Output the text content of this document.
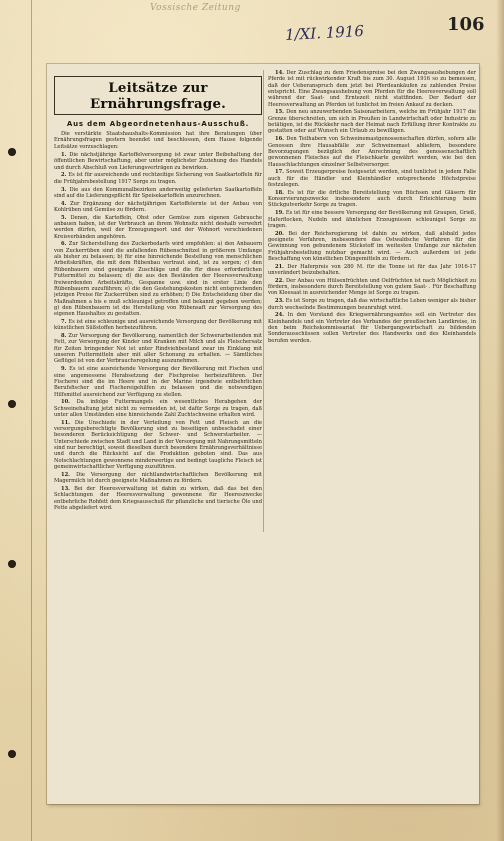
Vossische Zeitung
1/XI. 1916	106
Leitsätze zur Ernährungsfrage.
Aus dem Abgeordnetenhaus-Ausschuß.

Die verstärkte Staatshaushalts-Kommission hat ihre Beratungen über Ernährungsfragen gestern beendet und beschlossen, dem Hause folgende Leitsätze vorzuschlagen:

1. Die nächstjährige Kartoffelversorgung ist zwar unter Beibehaltung der öffentlichen Bewirtschaftung, aber unter möglichster Zuziehung des Handels und durch Abschluß von Lieferungsverträgen zu bewirken.

2. Es ist für ausreichende und rechtzeitige Sicherung von Saatkartoffeln für die Frühjahrsbestellung 1917 Sorge zu tragen.

3. Die aus den Kommunalbezirken anderweitig gelieferten Saatkartoffeln sind auf die Lieferungspflicht für Speisekartoffeln anzurechnen.

4. Zur Ergänzung der nächstjährigen Kartoffelernte ist der Anbau von Kohlrüben und Gemüse zu fördern.

5. Denen, die Kartoffeln, Obst oder Gemüse zum eigenen Gebrauche anbauen haben, ist der Verbrauch an ihrem Wohnsitz nicht deshalb verwehrt werden dürfen, weil der Erzeugungsort und der Wohnort verschiedenen Kreisverbänden angehören.

6. Zur Sicherstellung des Zuckerbedarfs wird empfohlen: a) den Anbauern von Zuckerrüben sind die anfallenden Rübenschnitzel in größerem Umfange als bisher zu belassen; b) für eine hinreichende Bestellung von menschlichen Arbeitskräften, die mit dem Rübenbau vertraut sind, ist zu sorgen; c) den Rübenbauern sind geeignete Zuschläge und die für diese erforderlichen Futtermittel zu belassen; d) die aus den Beständen der Heeresverwaltung freiwerdenden Arbeitskräfte, Gespanne usw. sind in erster Linie den Rübenbauern zuzuführen; e) die den Gestehungskosten nicht entsprechenden jetzigen Preise für Zuckerrüben sind zu erhöhen; f) Die Entscheidung über die Maßnahmen a bis e muß schleunigst getroffen und bekannt gegeben werden; g) den Rübenbauern ist die Herstellung von Rübensaft zur Versorgung des eigenen Haushaltes zu gestatten.

7. Es ist eine schleunige und ausreichende Versorgung der Bevölkerung mit künstlichen Süßstoffen herbeizuführen.

8. Zur Versorgung der Bevölkerung, namentlich der Schwerarbeitenden mit Fett, zur Versorgung der Kinder und Kranken mit Milch und als Fleischersatz für Zeiten bringender Not ist unter Rindviehbestand zwar im Einklang mit unseren Futtermitteln aber mit aller Schonung zu erhalten. — Sämtliches Geflügel ist von der Verbrauchsregelung auszunehmen.

9. Es ist eine ausreichende Versorgung der Bevölkerung mit Fischen und eine angemessene Herabsetzung der Fischpreise herbeizuführen. Der Fischerei sind die im Heere und in der Marine irgendwie entbehrlichen Berufsfischer und Fischereigehilfen zu belassen und die notwendigen Hilfsmittel ausreichend zur Verfügung zu stellen.

10. Da infolge Futtermangels ein wesentliches Herabgehen der Schweinehaltung jetzt nicht zu vermeiden ist, ist dafür Sorge zu tragen, daß unter allen Umständen eine hinreichende Zahl Zuchtschweine erhalten wird.

11. Die Unschiede in der Verteilung von Fett und Fleisch an die versorgungsberechtigte Bevölkerung sind zu beseitigen unbeschadet einer besonderen Berücksichtigung der Schwer- und Schwerstarbeiter. — Unterschiede zwischen Stadt und Land in der Versorgung mit Nahrungsmitteln sind nur berechtigt, soweit dieselben durch besondere Ernährungsverhältnisse und durch die Rücksicht auf die Produktion geboten sind. Das aus Notschlachtungen gewonnene minderwertige und bedingt taugliche Fleisch ist gemeinwirtschaftlicher Verfügung zuzuführen.

12. Die Versorgung der nichtlandwirtschaftlichen Bevölkerung mit Magermilch ist durch geeignete Maßnahmen zu fördern.

13. Bei der Heeresverwaltung ist dahin zu wirken, daß das bei den Schlachtungen der Heeresverwaltung gewonnene für Heereszwecke entbehrliche Rohfett dem Kriegsausschuß für pflanzliche und tierische Öle und Fette abgeliefert wird.

14. Der Zuschlag zu dem Friedenspreise bei den Zwangsaushebungen der Pferde ist mit rückwirkender Kraft bis zum 30. August 1916 so zu bemessen, daß der Ueberanspruch dem jetzt bei Pferdeankäufen zu zahlenden Preise entspricht. Eine Zwangsaushebung von Pferden für die Heeresverwaltung soll während der Saat- und Erntezeit nicht stattfinden. Der Bedarf der Heeresverwaltung an Pferden ist tunlichst im freien Ankauf zu decken.

15. Den neu anzuwerbenden Saisonarbeitern, welche im Frühjahr 1917 die Grenze überschreiten, um sich in Preußen in Landwirtschaft oder Industrie zu betätigen, ist die Rückkehr nach der Heimat nach Erfüllung ihrer Kontrakte zu gestatten oder auf Wunsch ein Urlaub zu bewilligen.

16. Den Teilhabern von Schweinemastgenossenschaften dürfen, sofern alle Genossen ihre Hausabfälle zur Schweinemast abliefern, besondere Bevorzugungen bezüglich der Anrechnung des genossenschaftlich gewonnenen Fleisches auf die Fleischkarte gewährt werden, wie bei den Hausschlachtungen einzelner Selbstversorger.

17. Soweit Erzeugerpreise festgesetzt werden, sind tunlichst in jedem Falle auch für die Händler und Kleinhändler entsprechende Höchstpreise festzulegen.

18. Es ist für die örtliche Bereitstellung von Büchsen und Gläsern für Konservierungszwecke insbesondere auch durch Erleichterung beim Stückgutverkehr Sorge zu tragen.

19. Es ist für eine bessere Versorgung der Bevölkerung mit Graupen, Grieß, Haferflocken, Nudeln und ähnlichen Erzeugnissen schleunigst Sorge zu tragen.

20. Bei der Reichsregierung ist dahin zu wirken, daß alsbald jedes geeignete Verfahren, insbesondere das Ostwaldsche Verfahren für die Gewinnung von gebundenem Stickstoff im weitesten Umfange zur nächsten Frühjahrsbestellung nutzbar gemacht wird. — Auch außerdem ist jede Beschaffung von künstlichen Düngemitteln zu fördern.

21. Der Haferpreis von 280 M. für die Tonne ist für das Jahr 1916-17 unverändert beizubehalten.

22. Der Anbau von Hülsenfrüchten und Oelfrüchten ist nach Möglichkeit zu fördern, insbesondere durch Bereitstellung von gutem Saat- . Für Beschaffung von Kleesaat in ausreichender Menge ist Sorge zu tragen.

23. Es ist Sorge zu tragen, daß das wirtschaftliche Leben weniger als bisher durch wechselnde Bestimmungen beunruhigt wird.

24. In den Vorstand des Kriegsernährungsamtes soll ein Vertreter des Kleinhandels und ein Vertreter des Verbandes der preußischen Landkreise, in den beim Reichskommissariat für Uebergangswirtschaft zu bildenden Sonderausschüssen sollen Vertreter des Handwerks und des Kleinhandels berufen werden.
